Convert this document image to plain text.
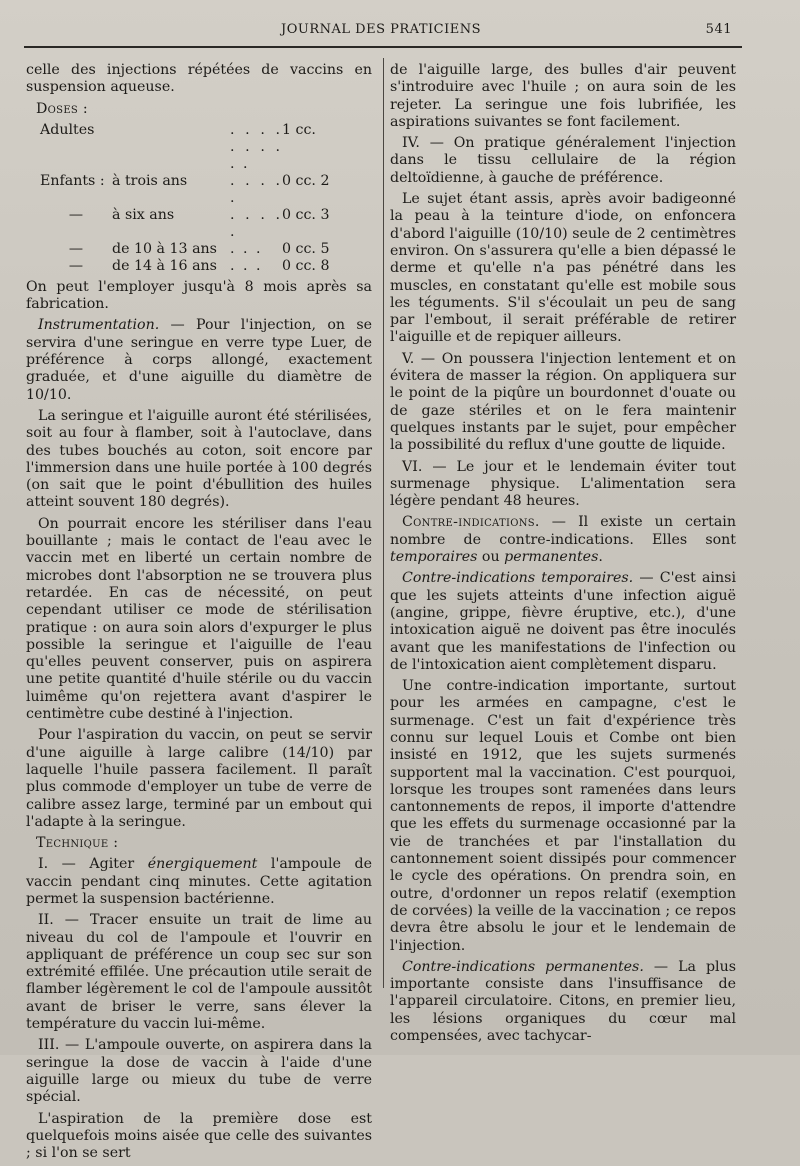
JOURNAL DES PRATICIENS	541

celle des injections répétées de vaccins en suspension aqueuse.

Doses :

Adultes		. . . . . . . . . .	1 cc.
Enfants :	à trois ans	. . . . .	0 cc. 2
—	à six ans	. . . . .	0 cc. 3
—	de 10 à 13 ans	. . .	0 cc. 5
—	de 14 à 16 ans	. . .	0 cc. 8

On peut l'employer jusqu'à 8 mois après sa fabrication.

Instrumentation. — Pour l'injection, on se servira d'une seringue en verre type Luer, de préférence à corps allongé, exactement graduée, et d'une aiguille du diamètre de 10/10.

La seringue et l'aiguille auront été stérilisées, soit au four à flamber, soit à l'autoclave, dans des tubes bouchés au coton, soit encore par l'immersion dans une huile portée à 100 degrés (on sait que le point d'ébullition des huiles atteint souvent 180 degrés).

On pourrait encore les stériliser dans l'eau bouillante ; mais le contact de l'eau avec le vaccin met en liberté un certain nombre de microbes dont l'absorption ne se trouvera plus retardée. En cas de nécessité, on peut cependant utiliser ce mode de stérilisation pratique : on aura soin alors d'expurger le plus possible la seringue et l'aiguille de l'eau qu'elles peuvent conserver, puis on aspirera une petite quantité d'huile stérile ou du vaccin luimême qu'on rejettera avant d'aspirer le centimètre cube destiné à l'injection.

Pour l'aspiration du vaccin, on peut se servir d'une aiguille à large calibre (14/10) par laquelle l'huile passera facilement. Il paraît plus commode d'employer un tube de verre de calibre assez large, terminé par un embout qui l'adapte à la seringue.

Technique :

I. — Agiter énergiquement l'ampoule de vaccin pendant cinq minutes. Cette agitation permet la suspension bactérienne.

II. — Tracer ensuite un trait de lime au niveau du col de l'ampoule et l'ouvrir en appliquant de préférence un coup sec sur son extrémité effilée. Une précaution utile serait de flamber légèrement le col de l'ampoule aussitôt avant de briser le verre, sans élever la température du vaccin lui-même.

III. — L'ampoule ouverte, on aspirera dans la seringue la dose de vaccin à l'aide d'une aiguille large ou mieux du tube de verre spécial.

L'aspiration de la première dose est quelquefois moins aisée que celle des suivantes ; si l'on se sert

de l'aiguille large, des bulles d'air peuvent s'introduire avec l'huile ; on aura soin de les rejeter. La seringue une fois lubrifiée, les aspirations suivantes se font facilement.

IV. — On pratique généralement l'injection dans le tissu cellulaire de la région deltoïdienne, à gauche de préférence.

Le sujet étant assis, après avoir badigeonné la peau à la teinture d'iode, on enfoncera d'abord l'aiguille (10/10) seule de 2 centimètres environ. On s'assurera qu'elle a bien dépassé le derme et qu'elle n'a pas pénétré dans les muscles, en constatant qu'elle est mobile sous les téguments. S'il s'écoulait un peu de sang par l'embout, il serait préférable de retirer l'aiguille et de repiquer ailleurs.

V. — On poussera l'injection lentement et on évitera de masser la région. On appliquera sur le point de la piqûre un bourdonnet d'ouate ou de gaze stériles et on le fera maintenir quelques instants par le sujet, pour empêcher la possibilité du reflux d'une goutte de liquide.

VI. — Le jour et le lendemain éviter tout surmenage physique. L'alimentation sera légère pendant 48 heures.

Contre-indications. — Il existe un certain nombre de contre-indications. Elles sont temporaires ou permanentes.

Contre-indications temporaires. — C'est ainsi que les sujets atteints d'une infection aiguë (angine, grippe, fièvre éruptive, etc.), d'une intoxication aiguë ne doivent pas être inoculés avant que les manifestations de l'infection ou de l'intoxication aient complètement disparu.

Une contre-indication importante, surtout pour les armées en campagne, c'est le surmenage. C'est un fait d'expérience très connu sur lequel Louis et Combe ont bien insisté en 1912, que les sujets surmenés supportent mal la vaccination. C'est pourquoi, lorsque les troupes sont ramenées dans leurs cantonnements de repos, il importe d'attendre que les effets du surmenage occasionné par la vie de tranchées et par l'installation du cantonnement soient dissipés pour commencer le cycle des opérations. On prendra soin, en outre, d'ordonner un repos relatif (exemption de corvées) la veille de la vaccination ; ce repos devra être absolu le jour et le lendemain de l'injection.

Contre-indications permanentes. — La plus importante consiste dans l'insuffisance de l'appareil circulatoire. Citons, en premier lieu, les lésions organiques du cœur mal compensées, avec tachycar-
